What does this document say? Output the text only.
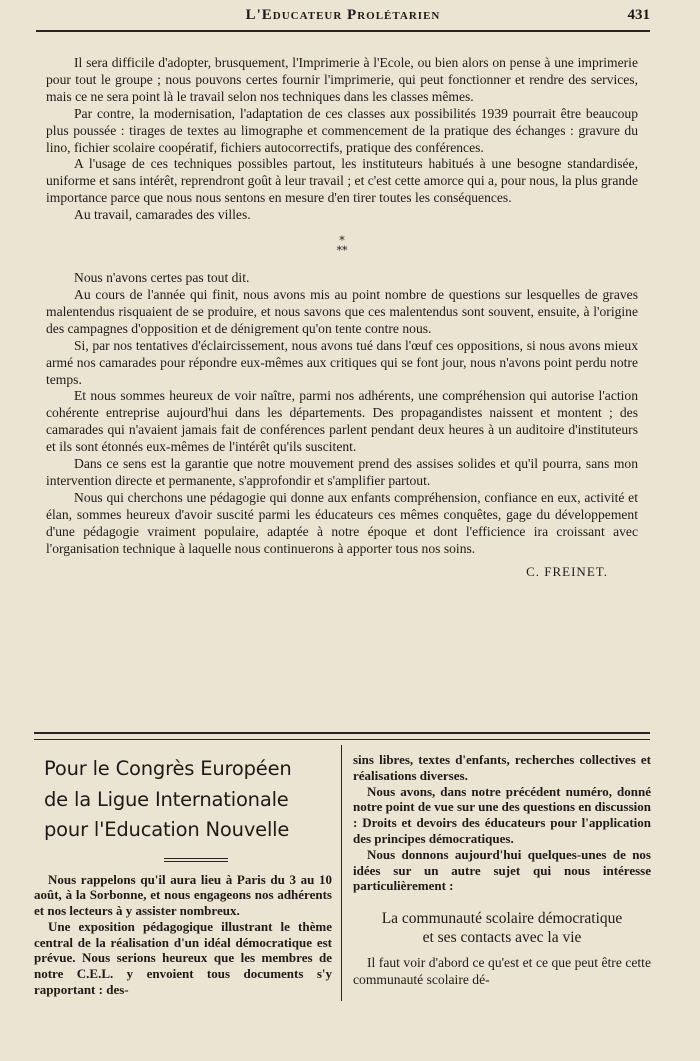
L'Educateur Prolétarien	431

Il sera difficile d'adopter, brusquement, l'Imprimerie à l'Ecole, ou bien alors on pense à une imprimerie pour tout le groupe ; nous pouvons certes fournir l'imprimerie, qui peut fonctionner et rendre des services, mais ce ne sera point là le travail selon nos techniques dans les classes mêmes.

Par contre, la modernisation, l'adaptation de ces classes aux possibilités 1939 pourrait être beaucoup plus poussée : tirages de textes au limographe et commencement de la pratique des échanges : gravure du lino, fichier scolaire coopératif, fichiers autocorrectifs, pratique des conférences.

A l'usage de ces techniques possibles partout, les instituteurs habitués à une besogne standardisée, uniforme et sans intérêt, reprendront goût à leur travail ; et c'est cette amorce qui a, pour nous, la plus grande importance parce que nous nous sentons en mesure d'en tirer toutes les conséquences.

Au travail, camarades des villes.

*
**

Nous n'avons certes pas tout dit.

Au cours de l'année qui finit, nous avons mis au point nombre de questions sur lesquelles de graves malentendus risquaient de se produire, et nous savons que ces malentendus sont souvent, ensuite, à l'origine des campagnes d'opposition et de dénigrement qu'on tente contre nous.

Si, par nos tentatives d'éclaircissement, nous avons tué dans l'œuf ces oppositions, si nous avons mieux armé nos camarades pour répondre eux-mêmes aux critiques qui se font jour, nous n'avons point perdu notre temps.

Et nous sommes heureux de voir naître, parmi nos adhérents, une compréhension qui autorise l'action cohérente entreprise aujourd'hui dans les départements. Des propagandistes naissent et montent ; des camarades qui n'avaient jamais fait de conférences parlent pendant deux heures à un auditoire d'instituteurs et ils sont étonnés eux-mêmes de l'intérêt qu'ils suscitent.

Dans ce sens est la garantie que notre mouvement prend des assises solides et qu'il pourra, sans mon intervention directe et permanente, s'approfondir et s'amplifier partout.

Nous qui cherchons une pédagogie qui donne aux enfants compréhension, confiance en eux, activité et élan, sommes heureux d'avoir suscité parmi les éducateurs ces mêmes conquêtes, gage du développement d'une pédagogie vraiment populaire, adaptée à notre époque et dont l'efficience ira croissant avec l'organisation technique à laquelle nous continuerons à apporter tous nos soins.

C. FREINET.
Pour le Congrès Européen
de la Ligue Internationale
pour l'Education Nouvelle

Nous rappelons qu'il aura lieu à Paris du 3 au 10 août, à la Sorbonne, et nous engageons nos adhérents et nos lecteurs à y assister nombreux.

Une exposition pédagogique illustrant le thème central de la réalisation d'un idéal démocratique est prévue. Nous serions heureux que les membres de notre C.E.L. y envoient tous documents s'y rapportant : des-

sins libres, textes d'enfants, recherches collectives et réalisations diverses.

Nous avons, dans notre précédent numéro, donné notre point de vue sur une des questions en discussion : Droits et devoirs des éducateurs pour l'application des principes démocratiques.

Nous donnons aujourd'hui quelques-unes de nos idées sur un autre sujet qui nous intéresse particulièrement :

La communauté scolaire démocratique
et ses contacts avec la vie

Il faut voir d'abord ce qu'est et ce que peut être cette communauté scolaire dé-
